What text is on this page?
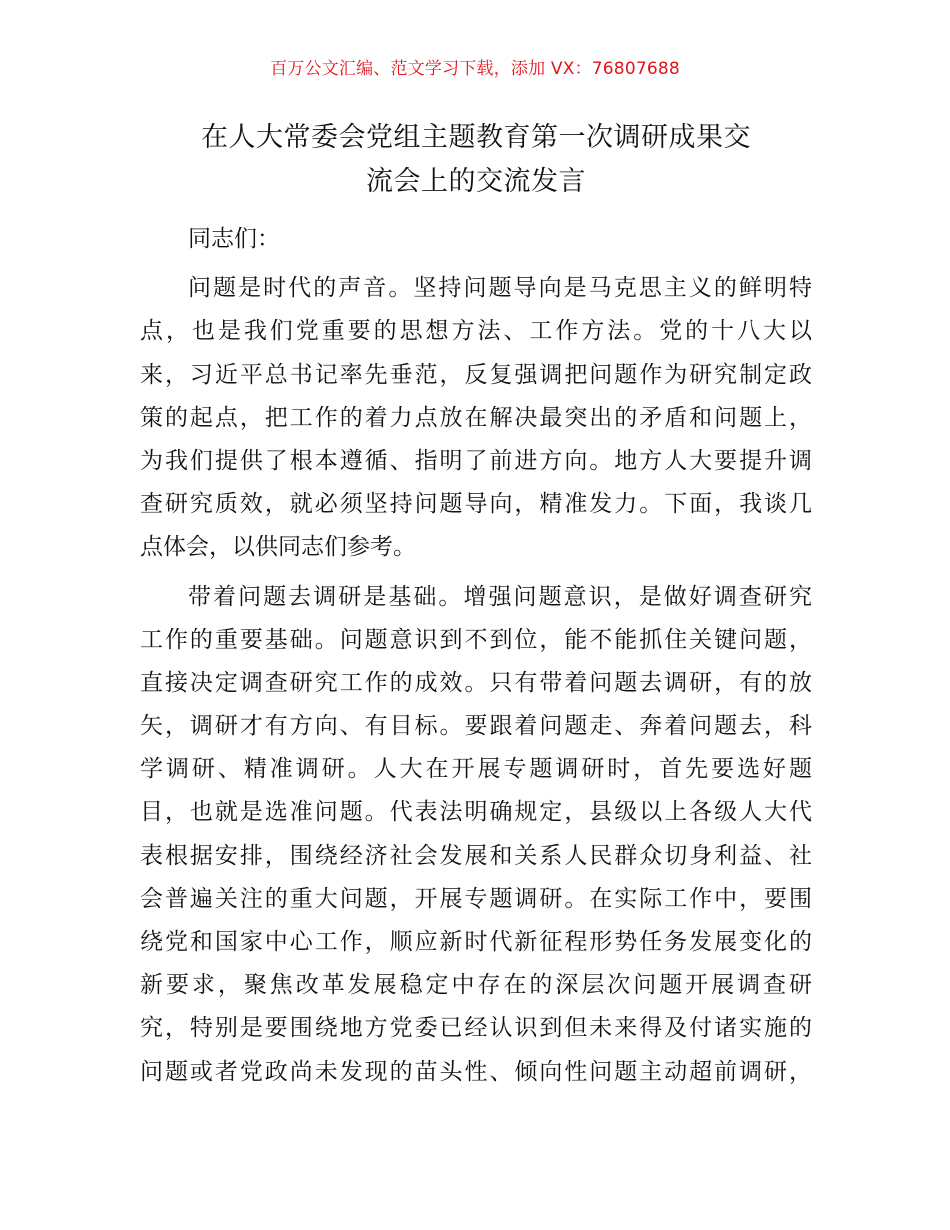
百万公文汇编、范文学习下载，添加 VX：76807688
在人大常委会党组主题教育第一次调研成果交
流会上的交流发言
同志们：
问题是时代的声音。坚持问题导向是马克思主义的鲜明特
点，也是我们党重要的思想方法、工作方法。党的十八大以
来，习近平总书记率先垂范，反复强调把问题作为研究制定政
策的起点，把工作的着力点放在解决最突出的矛盾和问题上，
为我们提供了根本遵循、指明了前进方向。地方人大要提升调
查研究质效，就必须坚持问题导向，精准发力。下面，我谈几
点体会，以供同志们参考。
带着问题去调研是基础。增强问题意识，是做好调查研究
工作的重要基础。问题意识到不到位，能不能抓住关键问题，
直接决定调查研究工作的成效。只有带着问题去调研，有的放
矢，调研才有方向、有目标。要跟着问题走、奔着问题去，科
学调研、精准调研。人大在开展专题调研时，首先要选好题
目，也就是选准问题。代表法明确规定，县级以上各级人大代
表根据安排，围绕经济社会发展和关系人民群众切身利益、社
会普遍关注的重大问题，开展专题调研。在实际工作中，要围
绕党和国家中心工作，顺应新时代新征程形势任务发展变化的
新要求，聚焦改革发展稳定中存在的深层次问题开展调查研
究，特别是要围绕地方党委已经认识到但未来得及付诸实施的
问题或者党政尚未发现的苗头性、倾向性问题主动超前调研，
